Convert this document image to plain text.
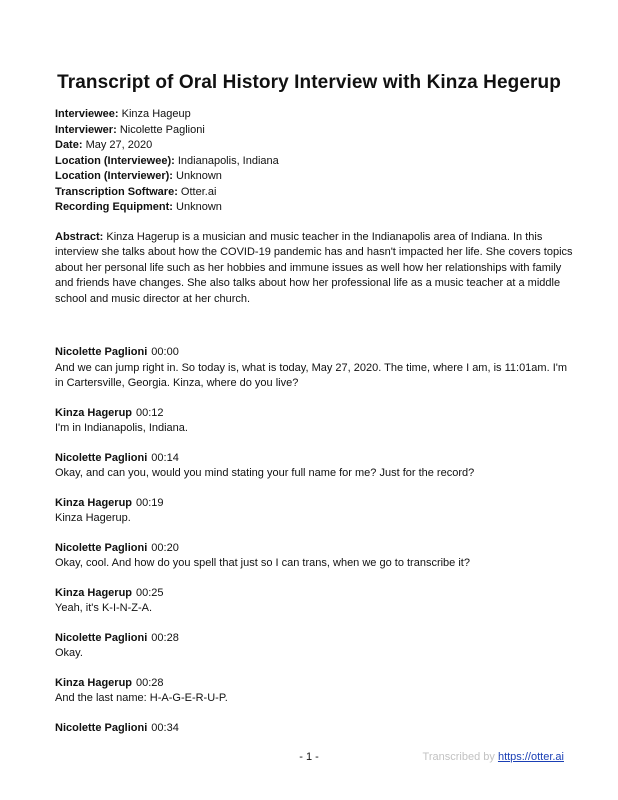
Transcript of Oral History Interview with Kinza Hegerup
Interviewee: Kinza Hageup
Interviewer: Nicolette Paglioni
Date: May 27, 2020
Location (Interviewee): Indianapolis, Indiana
Location (Interviewer): Unknown
Transcription Software: Otter.ai
Recording Equipment: Unknown
Abstract: Kinza Hagerup is a musician and music teacher in the Indianapolis area of Indiana. In this interview she talks about how the COVID-19 pandemic has and hasn't impacted her life. She covers topics about her personal life such as her hobbies and immune issues as well how her relationships with family and friends have changes. She also talks about how her professional life as a music teacher at a middle school and music director at her church.
Nicolette Paglioni 00:00
And we can jump right in. So today is, what is today, May 27, 2020. The time, where I am, is 11:01am. I'm in Cartersville, Georgia. Kinza, where do you live?
Kinza Hagerup 00:12
I'm in Indianapolis, Indiana.
Nicolette Paglioni 00:14
Okay, and can you, would you mind stating your full name for me? Just for the record?
Kinza Hagerup 00:19
Kinza Hagerup.
Nicolette Paglioni 00:20
Okay, cool. And how do you spell that just so I can trans, when we go to transcribe it?
Kinza Hagerup 00:25
Yeah, it's K-I-N-Z-A.
Nicolette Paglioni 00:28
Okay.
Kinza Hagerup 00:28
And the last name: H-A-G-E-R-U-P.
Nicolette Paglioni 00:34
- 1 -	Transcribed by https://otter.ai
